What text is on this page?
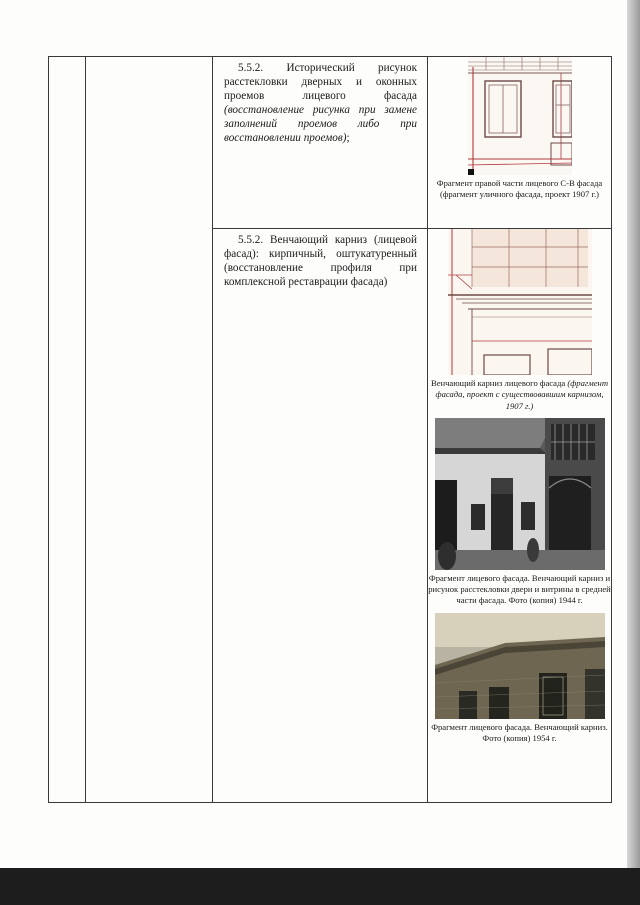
		5.5.2. Исторический рисунок расстекловки дверных и оконных проемов лицевого фасада (восстановление рисунка при замене заполнений проемов либо при восстановлении проемов);	Фрагмент правой части лицевого С-В фасада (фрагмент уличного фасада, проект 1907 г.)

		5.5.2. Венчающий карниз (лицевой фасад): кирпичный, оштукатуренный (восстановление профиля при комплексной реставрации фасада)	Венчающий карниз лицевого фасада (фрагмент фасада, проект с существовавшим карнизом, 1907 г.)
Фрагмент лицевого фасада. Венчающий карниз и рисунок расстекловки двери и витрины в средней части фасада. Фото (копия) 1944 г.
Фрагмент лицевого фасада. Венчающий карниз. Фото (копия) 1954 г.
